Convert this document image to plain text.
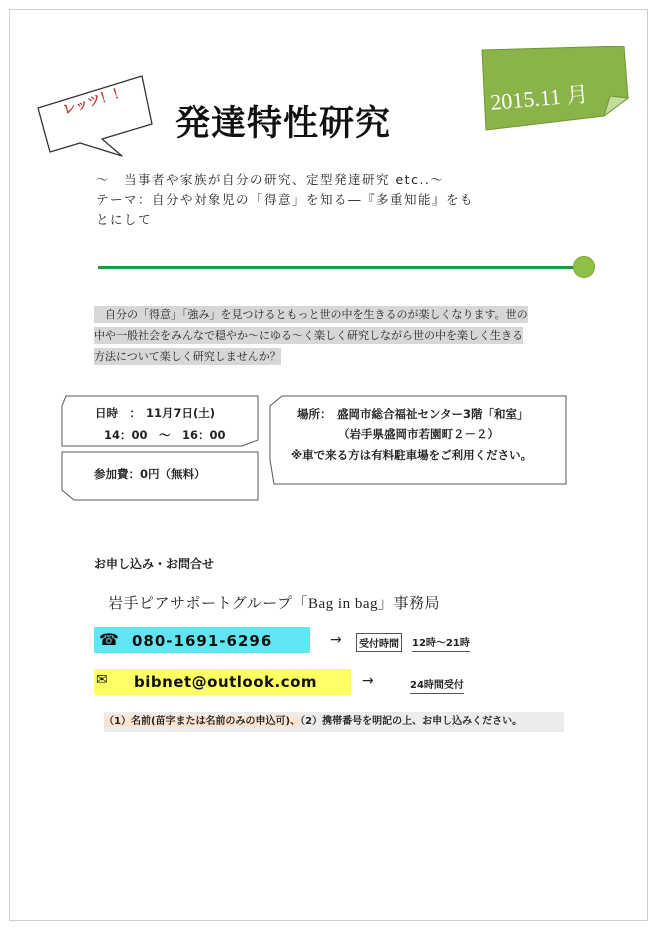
レッツ！！
発達特性研究
2015.11 月
～　当事者や家族が自分の研究、定型発達研究 etc..～
テーマ：自分や対象児の「得意」を知る―『多重知能』をも
とにして
　自分の「得意」「強み」を見つけるともっと世の中を生きるのが楽しくなります。世の
中や一般社会をみんなで穏やか～にゆる～く楽しく研究しながら世の中を楽しく生きる
方法について楽しく研究しませんか？
日時　： 11月7日(土)
14：00　～　16：00
参加費：0円（無料）
場所： 盛岡市総合福祉センター3階「和室」
（岩手県盛岡市若園町２－２）
※車で来る方は有料駐車場をご利用ください。
お申し込み・お問合せ
岩手ピアサポートグループ「Bag in bag」事務局
☎ 080-1691-6296	→	受付時間	12時～21時
✉ bibnet@outlook.com	→	24時間受付
（1）名前(苗字または名前のみの申込可)、（2）携帯番号を明記の上、お申し込みください。
